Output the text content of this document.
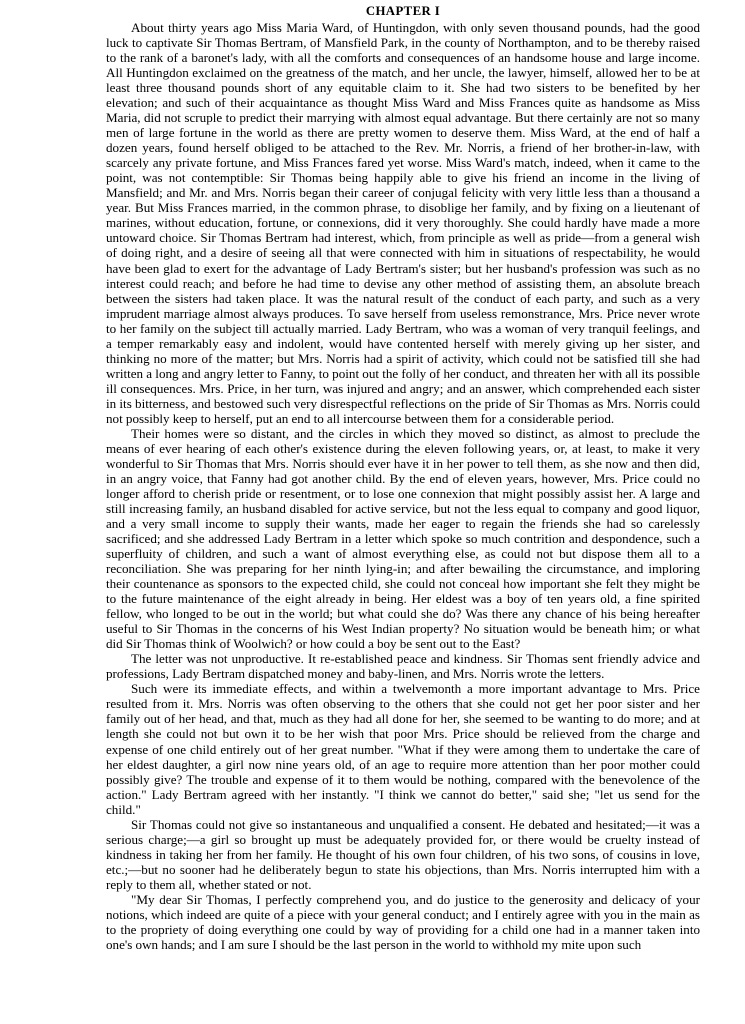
CHAPTER I

About thirty years ago Miss Maria Ward, of Huntingdon, with only seven thousand pounds, had the good luck to captivate Sir Thomas Bertram, of Mansfield Park, in the county of Northampton, and to be thereby raised to the rank of a baronet's lady, with all the comforts and consequences of an handsome house and large income. All Huntingdon exclaimed on the greatness of the match, and her uncle, the lawyer, himself, allowed her to be at least three thousand pounds short of any equitable claim to it. She had two sisters to be benefited by her elevation; and such of their acquaintance as thought Miss Ward and Miss Frances quite as handsome as Miss Maria, did not scruple to predict their marrying with almost equal advantage. But there certainly are not so many men of large fortune in the world as there are pretty women to deserve them. Miss Ward, at the end of half a dozen years, found herself obliged to be attached to the Rev. Mr. Norris, a friend of her brother-in-law, with scarcely any private fortune, and Miss Frances fared yet worse. Miss Ward's match, indeed, when it came to the point, was not contemptible: Sir Thomas being happily able to give his friend an income in the living of Mansfield; and Mr. and Mrs. Norris began their career of conjugal felicity with very little less than a thousand a year. But Miss Frances married, in the common phrase, to disoblige her family, and by fixing on a lieutenant of marines, without education, fortune, or connexions, did it very thoroughly. She could hardly have made a more untoward choice. Sir Thomas Bertram had interest, which, from principle as well as pride—from a general wish of doing right, and a desire of seeing all that were connected with him in situations of respectability, he would have been glad to exert for the advantage of Lady Bertram's sister; but her husband's profession was such as no interest could reach; and before he had time to devise any other method of assisting them, an absolute breach between the sisters had taken place. It was the natural result of the conduct of each party, and such as a very imprudent marriage almost always produces. To save herself from useless remonstrance, Mrs. Price never wrote to her family on the subject till actually married. Lady Bertram, who was a woman of very tranquil feelings, and a temper remarkably easy and indolent, would have contented herself with merely giving up her sister, and thinking no more of the matter; but Mrs. Norris had a spirit of activity, which could not be satisfied till she had written a long and angry letter to Fanny, to point out the folly of her conduct, and threaten her with all its possible ill consequences. Mrs. Price, in her turn, was injured and angry; and an answer, which comprehended each sister in its bitterness, and bestowed such very disrespectful reflections on the pride of Sir Thomas as Mrs. Norris could not possibly keep to herself, put an end to all intercourse between them for a considerable period.

Their homes were so distant, and the circles in which they moved so distinct, as almost to preclude the means of ever hearing of each other's existence during the eleven following years, or, at least, to make it very wonderful to Sir Thomas that Mrs. Norris should ever have it in her power to tell them, as she now and then did, in an angry voice, that Fanny had got another child. By the end of eleven years, however, Mrs. Price could no longer afford to cherish pride or resentment, or to lose one connexion that might possibly assist her. A large and still increasing family, an husband disabled for active service, but not the less equal to company and good liquor, and a very small income to supply their wants, made her eager to regain the friends she had so carelessly sacrificed; and she addressed Lady Bertram in a letter which spoke so much contrition and despondence, such a superfluity of children, and such a want of almost everything else, as could not but dispose them all to a reconciliation. She was preparing for her ninth lying-in; and after bewailing the circumstance, and imploring their countenance as sponsors to the expected child, she could not conceal how important she felt they might be to the future maintenance of the eight already in being. Her eldest was a boy of ten years old, a fine spirited fellow, who longed to be out in the world; but what could she do? Was there any chance of his being hereafter useful to Sir Thomas in the concerns of his West Indian property? No situation would be beneath him; or what did Sir Thomas think of Woolwich? or how could a boy be sent out to the East?

The letter was not unproductive. It re-established peace and kindness. Sir Thomas sent friendly advice and professions, Lady Bertram dispatched money and baby-linen, and Mrs. Norris wrote the letters.

Such were its immediate effects, and within a twelvemonth a more important advantage to Mrs. Price resulted from it. Mrs. Norris was often observing to the others that she could not get her poor sister and her family out of her head, and that, much as they had all done for her, she seemed to be wanting to do more; and at length she could not but own it to be her wish that poor Mrs. Price should be relieved from the charge and expense of one child entirely out of her great number. "What if they were among them to undertake the care of her eldest daughter, a girl now nine years old, of an age to require more attention than her poor mother could possibly give? The trouble and expense of it to them would be nothing, compared with the benevolence of the action." Lady Bertram agreed with her instantly. "I think we cannot do better," said she; "let us send for the child."

Sir Thomas could not give so instantaneous and unqualified a consent. He debated and hesitated;—it was a serious charge;—a girl so brought up must be adequately provided for, or there would be cruelty instead of kindness in taking her from her family. He thought of his own four children, of his two sons, of cousins in love, etc.;—but no sooner had he deliberately begun to state his objections, than Mrs. Norris interrupted him with a reply to them all, whether stated or not.

"My dear Sir Thomas, I perfectly comprehend you, and do justice to the generosity and delicacy of your notions, which indeed are quite of a piece with your general conduct; and I entirely agree with you in the main as to the propriety of doing everything one could by way of providing for a child one had in a manner taken into one's own hands; and I am sure I should be the last person in the world to withhold my mite upon such
